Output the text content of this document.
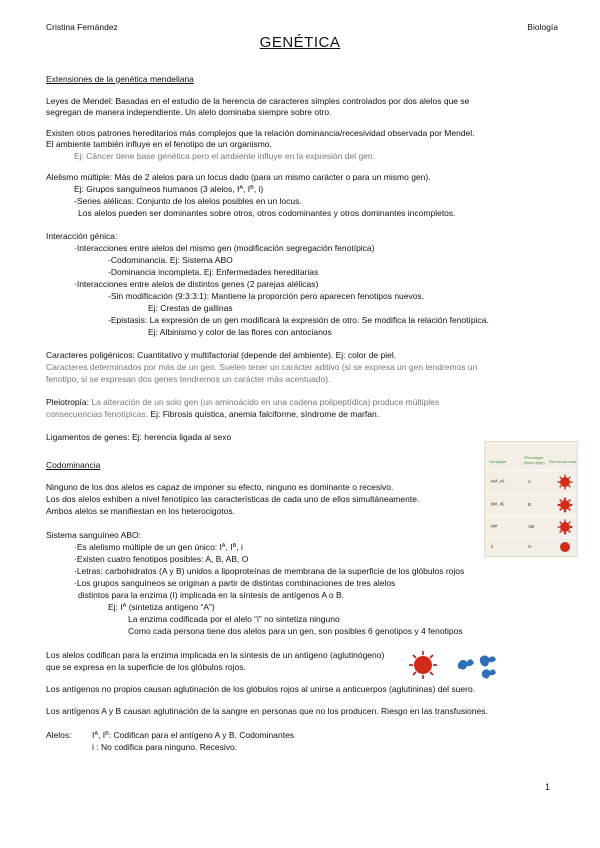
Cristina Fernández	Biología
GENÉTICA
Extensiones de la genética mendeliana
Leyes de Mendel: Basadas en el estudio de la herencia de caracteres simples controlados por dos alelos que se
segregan de manera independiente. Un alelo dominaba siempre sobre otro.
Existen otros patrones hereditarios más complejos que la relación dominancia/recesividad observada por Mendel.
El ambiente también influye en el fenotipo de un organismo.
Ej: Cáncer tiene base genética pero el ambiente influye en la expresión del gen.
Alelismo múltiple: Más de 2 alelos para un locus dado (para un mismo carácter o para un mismo gen).
Ej: Grupos sanguíneos humanos (3 alelos, $I^A$, $I^B$, i)
-Series alélicas: Conjunto de los alelos posibles en un locus.
Los alelos pueden ser dominantes sobre otros, otros codominantes y otros dominantes incompletos.
Interacción génica:
·Interacciones entre alelos del mismo gen (modificación segregación fenotípica)
-Codominancia. Ej: Sistema ABO
-Dominancia incompleta. Ej: Enfermedades hereditarias
·Interacciones entre alelos de distintos genes (2 parejas alélicas)
-Sin modificación (9:3:3:1): Mantiene la proporción pero aparecen fenotipos nuevos.
Ej: Crestas de gallinas
-Epistasis: La expresión de un gen modificará la expresión de otro. Se modifica la relación fenotípica.
Ej: Albinismo y color de las flores con antocianos
Caracteres poligénicos: Cuantitativo y multifactorial (depende del ambiente). Ej: color de piel.
Caracteres determinados por más de un gen. Suelen tener un carácter aditivo (si se expresa un gen tendremos un
fenotipo, si se expresan dos genes tendremos un carácter más acentuado).
Pleiotropía: La alteración de un solo gen (un aminoácido en una cadena polipeptídica) produce múltiples
consecuencias fenotípicas. Ej: Fibrosis quística, anemia falciforme, síndrome de marfan.
Ligamentos de genes: Ej: herencia ligada al sexo
Codominancia
Ninguno de los dos alelos es capaz de imponer su efecto, ninguno es dominante o recesivo.
Los dos alelos exhiben a nivel fenotípico las características de cada uno de ellos simultáneamente.
Ambos alelos se manifiestan en los heterocigotos.
Sistema sanguíneo ABO:
·Es alelismo múltiple de un gen único: $I^A$, $I^B$, i
·Existen cuatro fenotipos posibles: A, B, AB, O
·Letras: carbohidratos (A y B) unidos a lipoproteínas de membrana de la superficie de los glóbulos rojos
·Los grupos sanguíneos se originan a partir de distintas combinaciones de tres alelos
distintos para la enzima (I) implicada en la síntesis de antígenos A o B.
Ej: $I^A$ (sintetiza antígeno “A”)
La enzima codificada por el alelo “i” no sintetiza ninguno
Como cada persona tiene dos alelos para un gen, son posibles 6 genotipos y 4 fenotipos
Los alelos codifican para la enzima implicada en la síntesis de un antígeno (aglutinógeno)
que se expresa en la superficie de los glóbulos rojos.
Los antígenos no propios causan aglutinación de los glóbulos rojos al unirse a anticuerpos (aglutininas) del suero.
Los antígenos A y B causan aglutinación de la sangre en personas que no los producen. Riesgo en las transfusiones.
Alelos: $I^A$, $I^B$: Codifican para el antígeno A y B. Codominantes
i : No codifica para ninguno. Recesivo.
1
Genotype
Phenotype (blood type)	Red blood cells
IᴬIᴬ, Iᴬi
IᴮIᴮ, Iᴮi
IᴬIᴮ
ii
A
B
AB
O
